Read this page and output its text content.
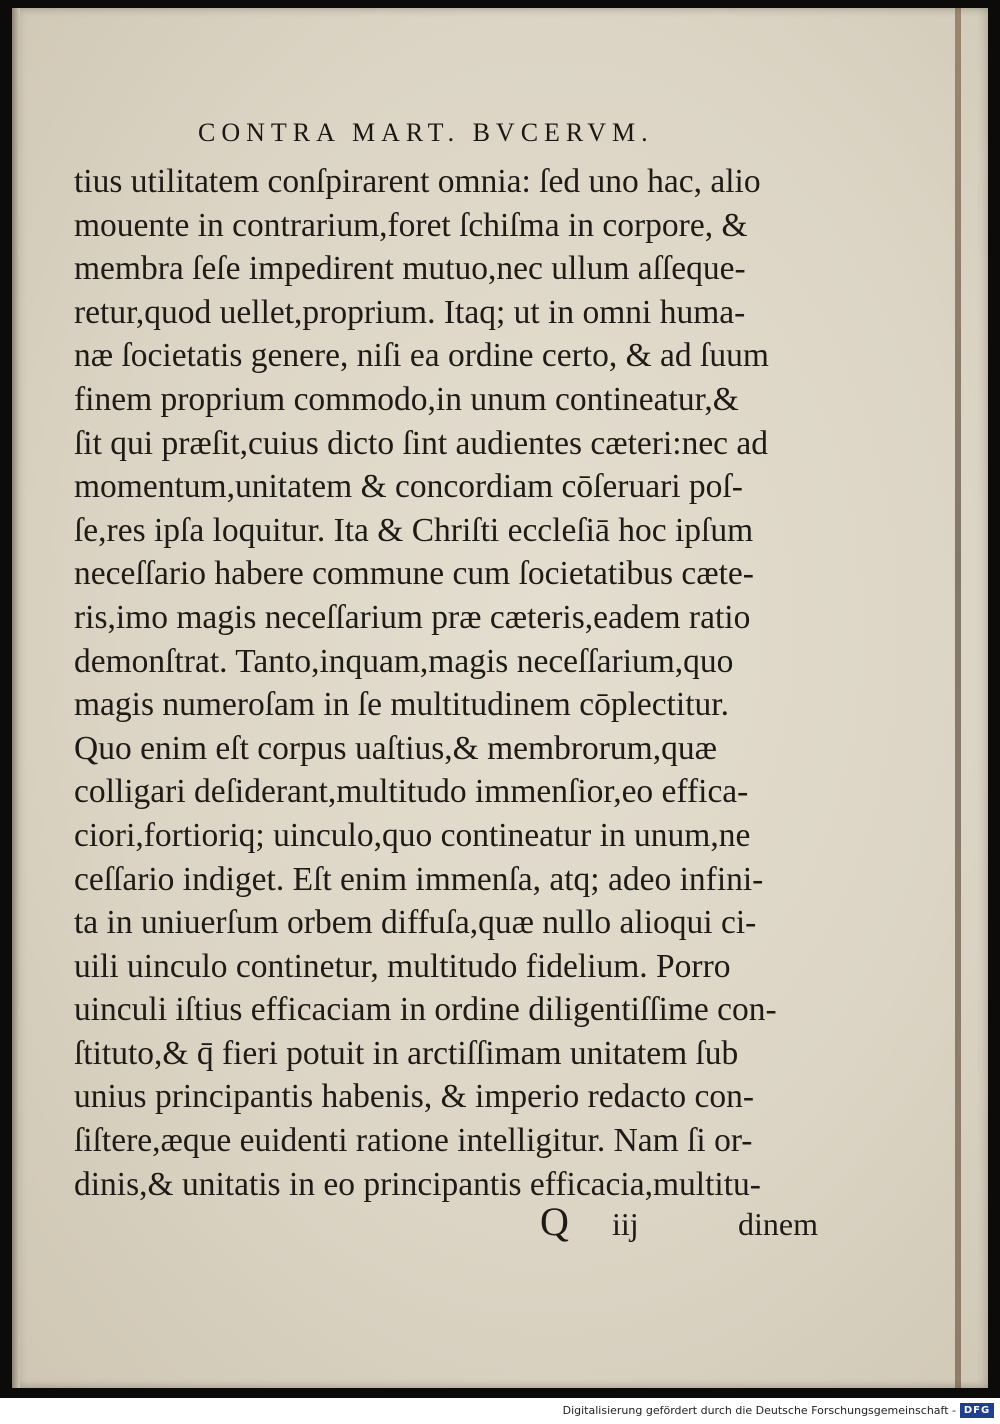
CONTRA MART. BVCERVM.
tius utilitatem conſpirarent omnia: ſed uno hac, alio
mouente in contrarium,foret ſchiſma in corpore, &
membra ſeſe impedirent mutuo,nec ullum aſſeque-
retur,quod uellet,proprium. Itaq; ut in omni huma-
næ ſocietatis genere, niſi ea ordine certo, & ad ſuum
finem proprium commodo,in unum contineatur,&
ſit qui præſit,cuius dicto ſint audientes cæteri:nec ad
momentum,unitatem & concordiam cōſeruari poſ-
ſe,res ipſa loquitur. Ita & Chriſti eccleſiā hoc ipſum
neceſſario habere commune cum ſocietatibus cæte-
ris,imo magis neceſſarium præ cæteris,eadem ratio
demonſtrat. Tanto,inquam,magis neceſſarium,quo
magis numeroſam in ſe multitudinem cōplectitur.
Quo enim eſt corpus uaſtius,& membrorum,quæ
colligari deſiderant,multitudo immenſior,eo effica-
ciori,fortioriq; uinculo,quo contineatur in unum,ne
ceſſario indiget. Eſt enim immenſa, atq; adeo infini-
ta in uniuerſum orbem diffuſa,quæ nullo alioqui ci-
uili uinculo continetur, multitudo fidelium. Porro
uinculi iſtius efficaciam in ordine diligentiſſime con-
ſtituto,& q̄ fieri potuit in arctiſſimam unitatem ſub
unius principantis habenis, & imperio redacto con-
ſiſtere,æque euidenti ratione intelligitur. Nam ſi or-
dinis,& unitatis in eo principantis efficacia,multitu-
Q iij	dinem
Digitalisierung gefördert durch die Deutsche Forschungsgemeinschaft - DFG
